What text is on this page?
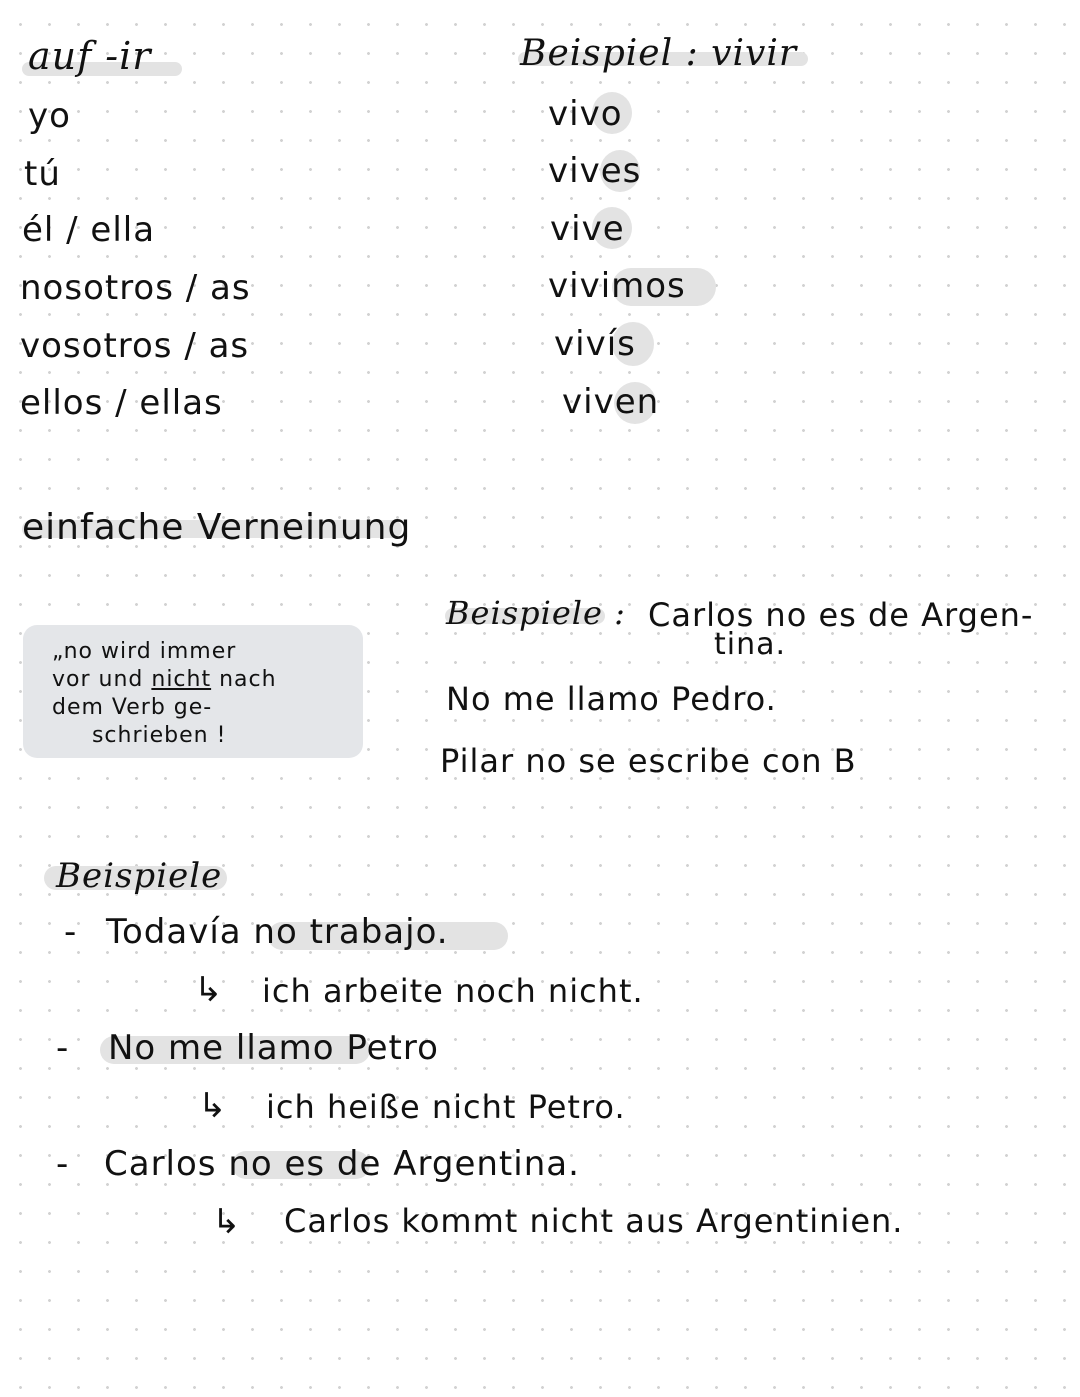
auf -ir	Beispiel : vivir
yo
tú
él / ella
nosotros / as
vosotros / as
ellos / ellas
vivo
vives
vive
vivimos
vivís
viven
einfache Verneinung
„no wird immer
vor und nicht nach
dem Verb ge-
schrieben !
Beispiele : Carlos no es de Argen-
tina.
No me llamo Pedro.
Pilar no se escribe con B
Beispiele
- Todavía no trabajo.
↳ ich arbeite noch nicht.
- No me llamo Petro
↳ ich heiße nicht Petro.
- Carlos no es de Argentina.
↳ Carlos kommt nicht aus Argentinien.
